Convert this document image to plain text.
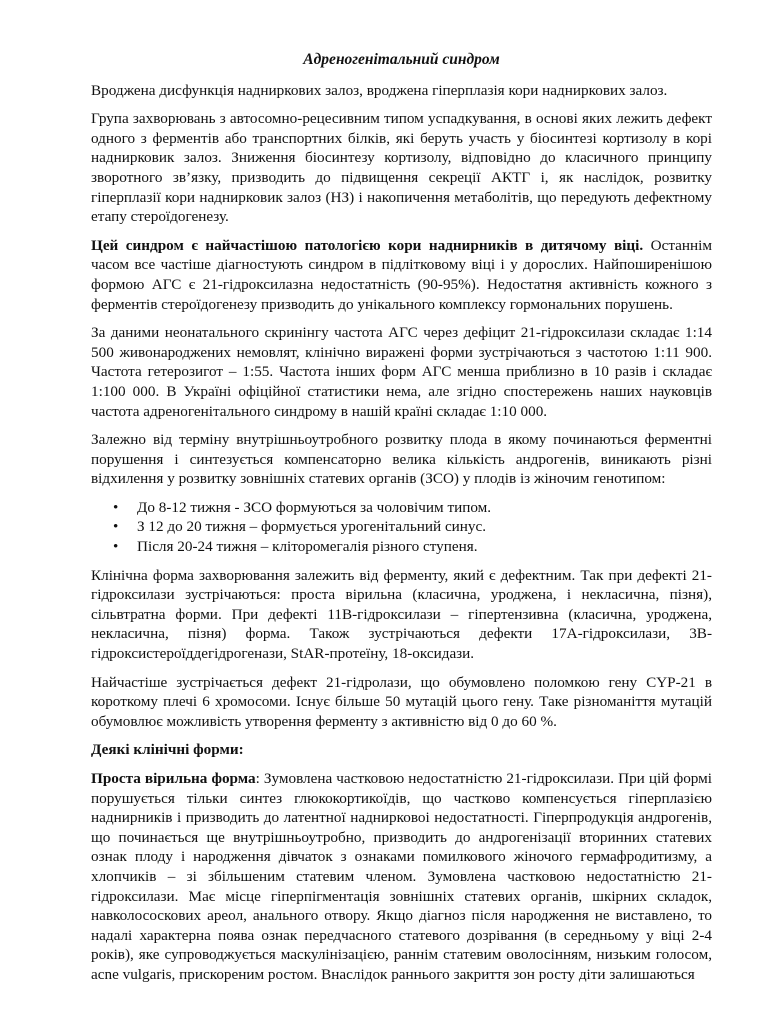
Адреногенітальний синдром

Вроджена дисфункція надниркових залоз, вроджена гіперплазія кори надниркових залоз.

Група захворювань з автосомно-рецесивним типом успадкування, в основі яких лежить дефект одного з ферментів або транспортних білків, які беруть участь у біосинтезі кортизолу в корі наднирковик залоз. Зниження біосинтезу кортизолу, відповідно до класичного принципу зворотного зв’язку, призводить до підвищення секреції АКТГ і, як наслідок, розвитку гіперплазії кори наднирковик залоз (НЗ) і накопичення метаболітів, що передують дефектному етапу стероїдогенезу.

Цей синдром є найчастішою патологією кори наднирників в дитячому віці. Останнім часом все частіше діагностують синдром в підлітковому віці і у дорослих. Найпоширенішою формою АГС є 21-гідроксилазна недостатність (90-95%). Недостатня активність кожного з ферментів стероїдогенезу призводить до унікального комплексу гормональних порушень.

За даними неонатального скринінгу частота АГС через дефіцит 21-гідроксилази складає 1:14 500 живонароджених немовлят, клінічно виражені форми зустрічаються з частотою 1:11 900. Частота гетерозигот – 1:55. Частота інших форм АГС менша приблизно в 10 разів і складає 1:100 000. В Україні офіційної статистики нема, але згідно спостережень наших науковців частота адреногенітального синдрому в нашій країні складає 1:10 000.

Залежно від терміну внутрішньоутробного розвитку плода в якому починаються ферментні порушення і синтезується компенсаторно велика кількість андрогенів, виникають різні відхилення у розвитку зовнішніх статевих органів (ЗСО) у плодів із жіночим генотипом:

• До 8-12 тижня - ЗСО формуються за чоловічим типом.
• З 12 до 20 тижня – формується урогенітальний синус.
• Після 20-24 тижня – кліторомегалія різного ступеня.

Клінічна форма захворювання залежить від ферменту, який є дефектним. Так при дефекті 21-гідроксилази зустрічаються: проста вірильна (класична, уроджена, і некласична, пізня), сільвтратна форми. При дефекті 11В-гідроксилази – гіпертензивна (класична, уроджена, некласична, пізня) форма. Також зустрічаються дефекти 17А-гідроксилази, 3В-гідроксистероїддегідрогенази, StAR-протеїну, 18-оксидази.

Найчастіше зустрічається дефект 21-гідролази, що обумовлено поломкою гену CYP-21 в короткому плечі 6 хромосоми. Існує більше 50 мутацій цього гену. Таке різноманіття мутацій обумовлює можливість утворення ферменту з активністю від 0 до 60 %.

Деякі клінічні форми:

Проста вірильна форма: Зумовлена частковою недостатністю 21-гідроксилази. При цій формі порушується тільки синтез глюкокортикоїдів, що частково компенсується гіперплазією наднирників і призводить до латентної наднирковоі недостатності. Гіперпродукція андрогенів, що починається ще внутрішньоутробно, призводить до андрогенізації вторинних статевих ознак плоду і народження дівчаток з ознаками помилкового жіночого гермафродитизму, а хлопчиків – зі збільшеним статевим членом. Зумовлена частковою недостатністю 21-гідроксилази. Має місце гіперпігментація зовнішніх статевих органів, шкірних складок, навколососкових ареол, анального отвору. Якщо діагноз після народження не виставлено, то надалі характерна поява ознак передчасного статевого дозрівання (в середньому у віці 2-4 років), яке супроводжується маскулінізацією, раннім статевим оволосінням, низьким голосом, acne vulgaris, прискореним ростом. Внаслідок раннього закриття зон росту діти залишаються
